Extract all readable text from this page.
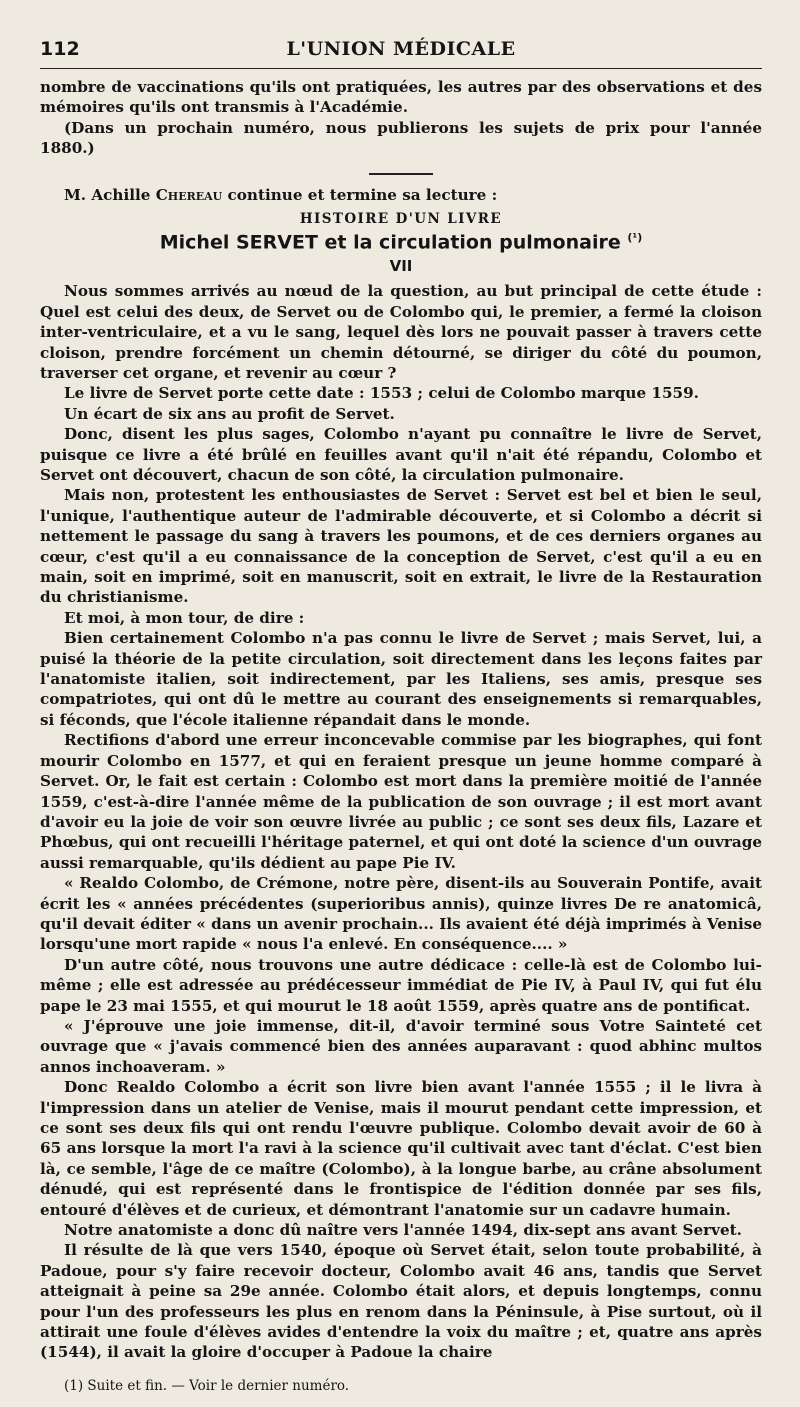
112	L'UNION MÉDICALE

nombre de vaccinations qu'ils ont pratiquées, les autres par des observations et des mémoires qu'ils ont transmis à l'Académie.

(Dans un prochain numéro, nous publierons les sujets de prix pour l'année 1880.)

M. Achille Chereau continue et termine sa lecture :

HISTOIRE D'UN LIVRE
Michel SERVET et la circulation pulmonaire $^{(^1)}$
VII

Nous sommes arrivés au nœud de la question, au but principal de cette étude : Quel est celui des deux, de Servet ou de Colombo qui, le premier, a fermé la cloison inter-ventriculaire, et a vu le sang, lequel dès lors ne pouvait passer à travers cette cloison, prendre forcément un chemin détourné, se diriger du côté du poumon, traverser cet organe, et revenir au cœur ?

Le livre de Servet porte cette date : 1553 ; celui de Colombo marque 1559.

Un écart de six ans au profit de Servet.

Donc, disent les plus sages, Colombo n'ayant pu connaître le livre de Servet, puisque ce livre a été brûlé en feuilles avant qu'il n'ait été répandu, Colombo et Servet ont découvert, chacun de son côté, la circulation pulmonaire.

Mais non, protestent les enthousiastes de Servet : Servet est bel et bien le seul, l'unique, l'authentique auteur de l'admirable découverte, et si Colombo a décrit si nettement le passage du sang à travers les poumons, et de ces derniers organes au cœur, c'est qu'il a eu connaissance de la conception de Servet, c'est qu'il a eu en main, soit en imprimé, soit en manuscrit, soit en extrait, le livre de la Restauration du christianisme.

Et moi, à mon tour, de dire :

Bien certainement Colombo n'a pas connu le livre de Servet ; mais Servet, lui, a puisé la théorie de la petite circulation, soit directement dans les leçons faites par l'anatomiste italien, soit indirectement, par les Italiens, ses amis, presque ses compatriotes, qui ont dû le mettre au courant des enseignements si remarquables, si féconds, que l'école italienne répandait dans le monde.

Rectifions d'abord une erreur inconcevable commise par les biographes, qui font mourir Colombo en 1577, et qui en feraient presque un jeune homme comparé à Servet. Or, le fait est certain : Colombo est mort dans la première moitié de l'année 1559, c'est-à-dire l'année même de la publication de son ouvrage ; il est mort avant d'avoir eu la joie de voir son œuvre livrée au public ; ce sont ses deux fils, Lazare et Phœbus, qui ont recueilli l'héritage paternel, et qui ont doté la science d'un ouvrage aussi remarquable, qu'ils dédient au pape Pie IV.

« Realdo Colombo, de Crémone, notre père, disent-ils au Souverain Pontife, avait écrit les « années précédentes (superioribus annis), quinze livres De re anatomicâ, qu'il devait éditer « dans un avenir prochain... Ils avaient été déjà imprimés à Venise lorsqu'une mort rapide « nous l'a enlevé. En conséquence.... »

D'un autre côté, nous trouvons une autre dédicace : celle-là est de Colombo lui-même ; elle est adressée au prédécesseur immédiat de Pie IV, à Paul IV, qui fut élu pape le 23 mai 1555, et qui mourut le 18 août 1559, après quatre ans de pontificat.

« J'éprouve une joie immense, dit-il, d'avoir terminé sous Votre Sainteté cet ouvrage que « j'avais commencé bien des années auparavant : quod abhinc multos annos inchoaveram. »

Donc Realdo Colombo a écrit son livre bien avant l'année 1555 ; il le livra à l'impression dans un atelier de Venise, mais il mourut pendant cette impression, et ce sont ses deux fils qui ont rendu l'œuvre publique. Colombo devait avoir de 60 à 65 ans lorsque la mort l'a ravi à la science qu'il cultivait avec tant d'éclat. C'est bien là, ce semble, l'âge de ce maître (Colombo), à la longue barbe, au crâne absolument dénudé, qui est représenté dans le frontispice de l'édition donnée par ses fils, entouré d'élèves et de curieux, et démontrant l'anatomie sur un cadavre humain.

Notre anatomiste a donc dû naître vers l'année 1494, dix-sept ans avant Servet.

Il résulte de là que vers 1540, époque où Servet était, selon toute probabilité, à Padoue, pour s'y faire recevoir docteur, Colombo avait 46 ans, tandis que Servet atteignait à peine sa 29e année. Colombo était alors, et depuis longtemps, connu pour l'un des professeurs les plus en renom dans la Péninsule, à Pise surtout, où il attirait une foule d'élèves avides d'entendre la voix du maître ; et, quatre ans après (1544), il avait la gloire d'occuper à Padoue la chaire

(1) Suite et fin. — Voir le dernier numéro.
